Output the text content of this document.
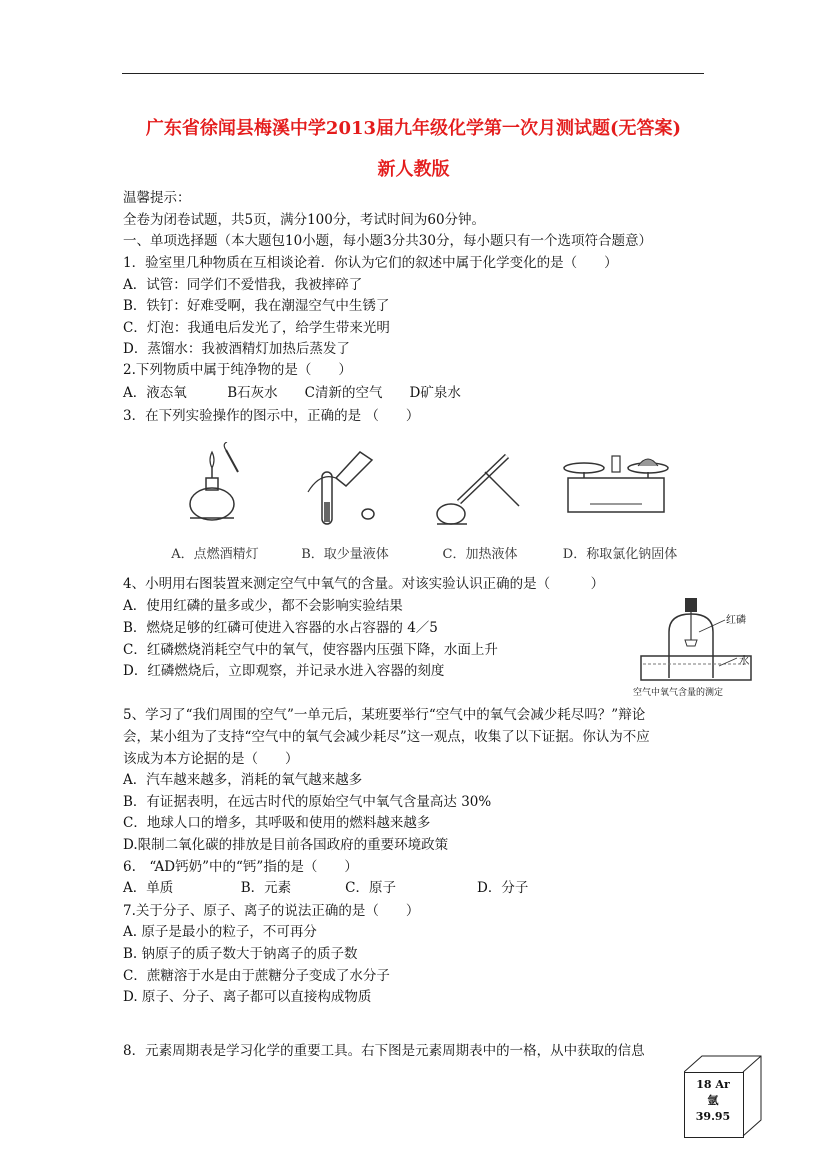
广东省徐闻县梅溪中学2013届九年级化学第一次月测试题(无答案)
新人教版
温馨提示：
全卷为闭卷试题，共5页，满分100分，考试时间为60分钟。
一、单项选择题（本大题包10小题，每小题3分共30分，每小题只有一个选项符合题意）
1．验室里几种物质在互相谈论着．你认为它们的叙述中属于化学变化的是（　　）
A．试管：同学们不爱惜我，我被摔碎了
B．铁钉：好难受啊，我在潮湿空气中生锈了
C．灯泡：我通电后发光了，给学生带来光明
D．蒸馏水：我被酒精灯加热后蒸发了
2.下列物质中属于纯净物的是（　　）
A．液态氧　　　B石灰水　　C清新的空气　　D矿泉水
3．在下列实验操作的图示中，正确的是 （　　）
A．点燃酒精灯	B．取少量液体	C．加热液体	D．称取氯化钠固体
4、小明用右图装置来测定空气中氧气的含量。对该实验认识正确的是（　　　）
A．使用红磷的量多或少，都不会影响实验结果
B．燃烧足够的红磷可使进入容器的水占容器的 4／5
C．红磷燃烧消耗空气中的氧气，使容器内压强下降，水面上升
D．红磷燃烧后，立即观察，并记录水进入容器的刻度
红磷
水
空气中氧气含量的测定
5、学习了“我们周围的空气”一单元后，某班要举行“空气中的氧气会减少耗尽吗？”辩论
会，某小组为了支持“空气中的氧气会减少耗尽”这一观点，收集了以下证据。你认为不应
该成为本方论据的是（　　）
A．汽车越来越多，消耗的氧气越来越多
B．有证据表明，在远古时代的原始空气中氧气含量高达 30%
C．地球人口的增多，其呼吸和使用的燃料越来越多
D.限制二氧化碳的排放是目前各国政府的重要环境政策
6.　“AD钙奶”中的“钙”指的是（　　）
A．单质　　　　　B．元素　　　　C．原子　　　　　　D．分子
7.关于分子、原子、离子的说法正确的是（　　）
A. 原子是最小的粒子，不可再分
B. 钠原子的质子数大于钠离子的质子数
C．蔗糖溶于水是由于蔗糖分子变成了水分子
D. 原子、分子、离子都可以直接构成物质
8．元素周期表是学习化学的重要工具。右下图是元素周期表中的一格，从中获取的信息
18 Ar
氩
39.95
